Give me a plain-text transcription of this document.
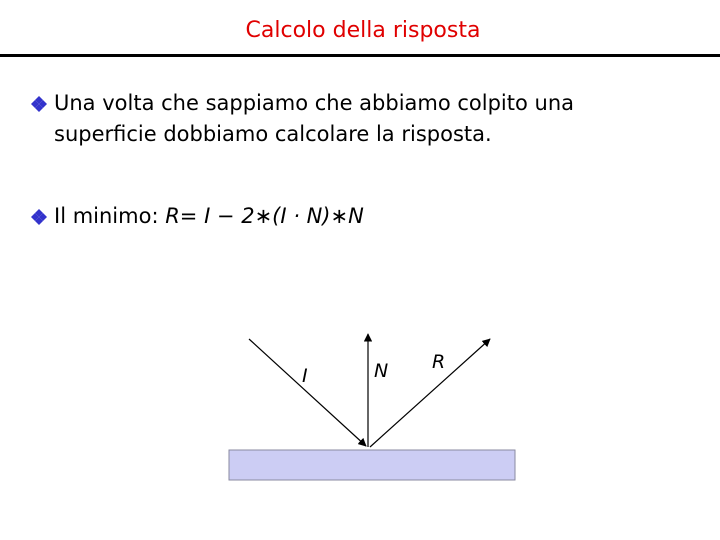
Calcolo della risposta
Una volta che sappiamo che abbiamo colpito una superficie dobbiamo calcolare la risposta.
Il minimo: R= I − 2∗(I · N)∗N
I	N R
